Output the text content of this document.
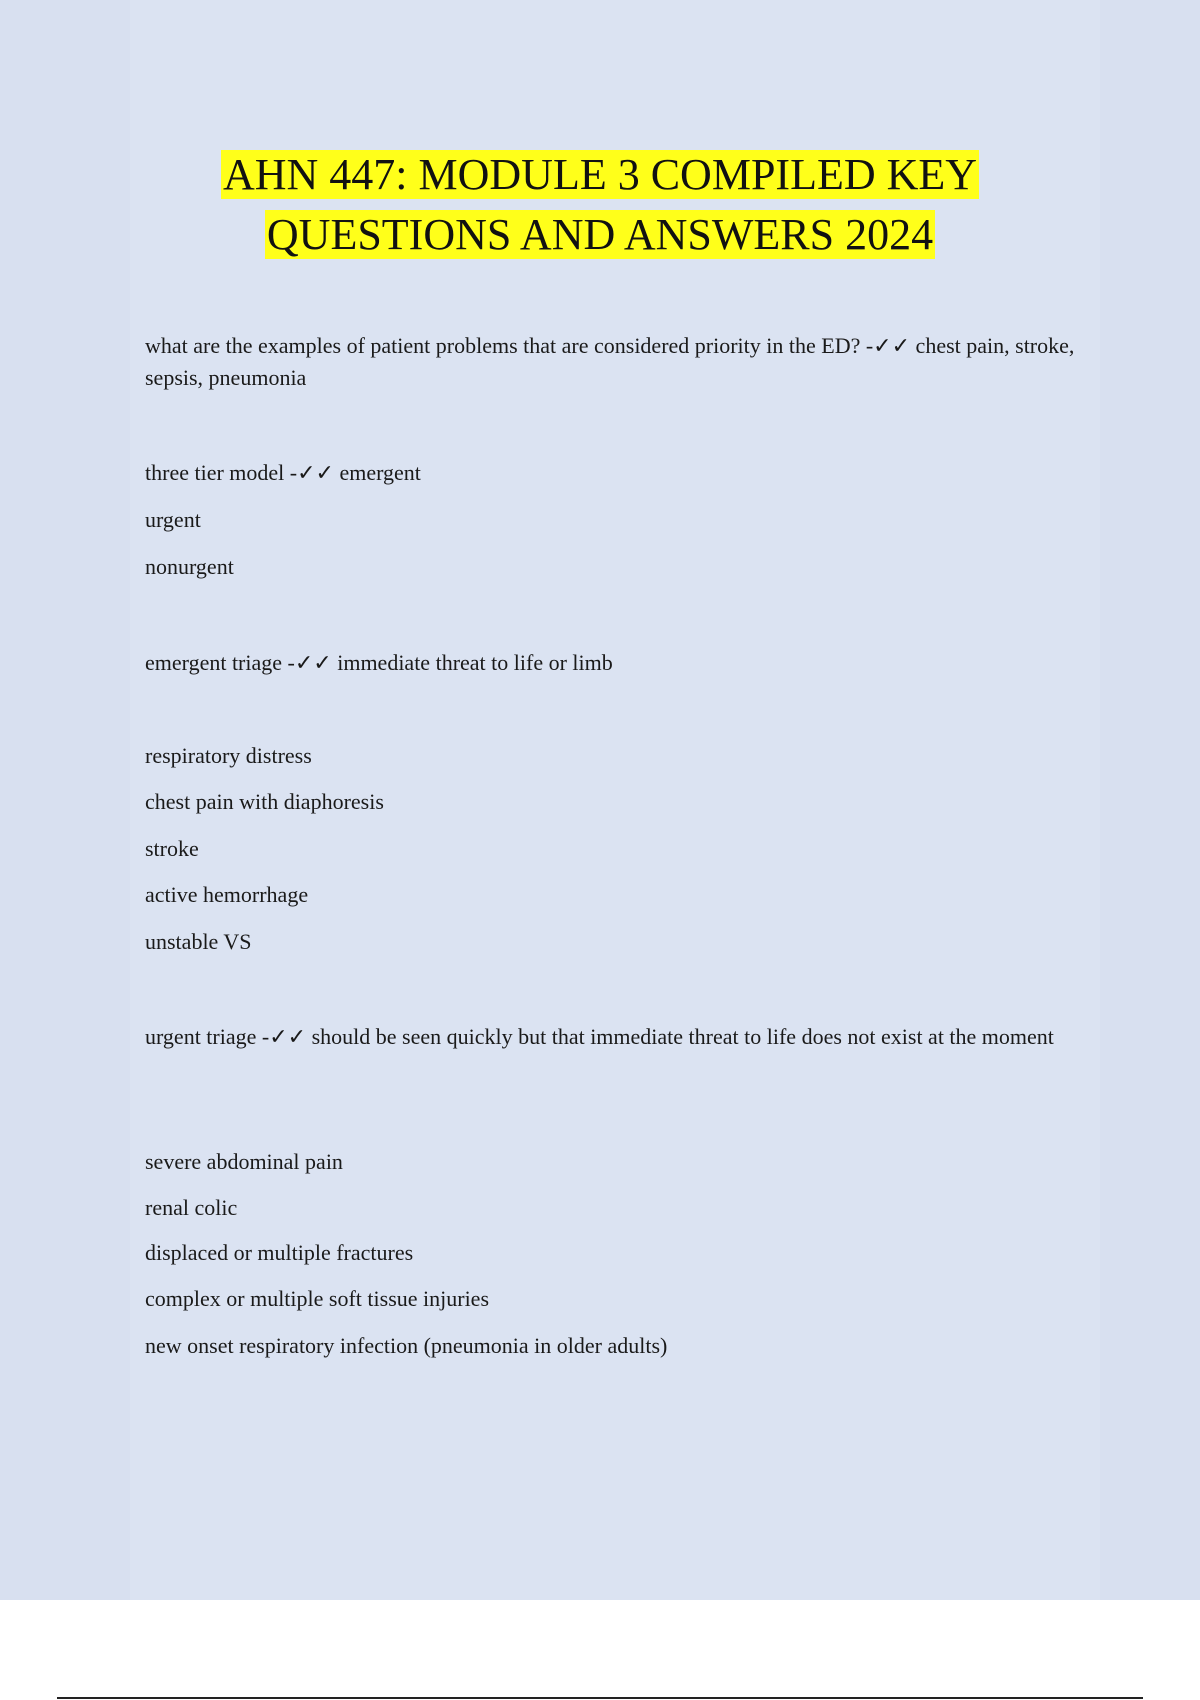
AHN 447: MODULE 3 COMPILED KEY
QUESTIONS AND ANSWERS 2024
what are the examples of patient problems that are considered priority in the ED? -✓✓ chest pain, stroke, sepsis, pneumonia
three tier model -✓✓ emergent
urgent
nonurgent
emergent triage -✓✓ immediate threat to life or limb
respiratory distress
chest pain with diaphoresis
stroke
active hemorrhage
unstable VS
urgent triage -✓✓ should be seen quickly but that immediate threat to life does not exist at the moment
severe abdominal pain
renal colic
displaced or multiple fractures
complex or multiple soft tissue injuries
new onset respiratory infection (pneumonia in older adults)
